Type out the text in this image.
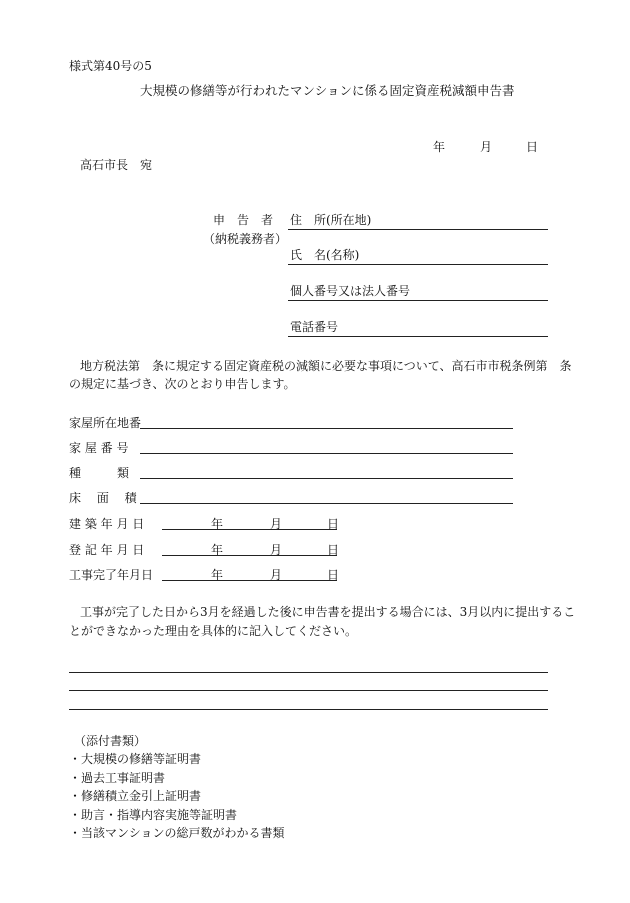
様式第40号の5
大規模の修繕等が行われたマンションに係る固定資産税減額申告書
年	月	日
高石市長　宛
申　告　者
（納税義務者）
住　所(所在地)
氏　名(名称)
個人番号又は法人番号
電話番号
地方税法第　条に規定する固定資産税の減額に必要な事項について、高石市市税条例第　条
の規定に基づき、次のとおり申告します。
家屋所在地番
家 屋 番 号
種　　　類
床　 面　 積
建 築 年 月 日	年	月	日
登 記 年 月 日	年	月	日
工事完了年月日	年	月	日
工事が完了した日から3月を経過した後に申告書を提出する場合には、3月以内に提出するこ
とができなかった理由を具体的に記入してください。
（添付書類）
・大規模の修繕等証明書
・過去工事証明書
・修繕積立金引上証明書
・助言・指導内容実施等証明書
・当該マンションの総戸数がわかる書類
